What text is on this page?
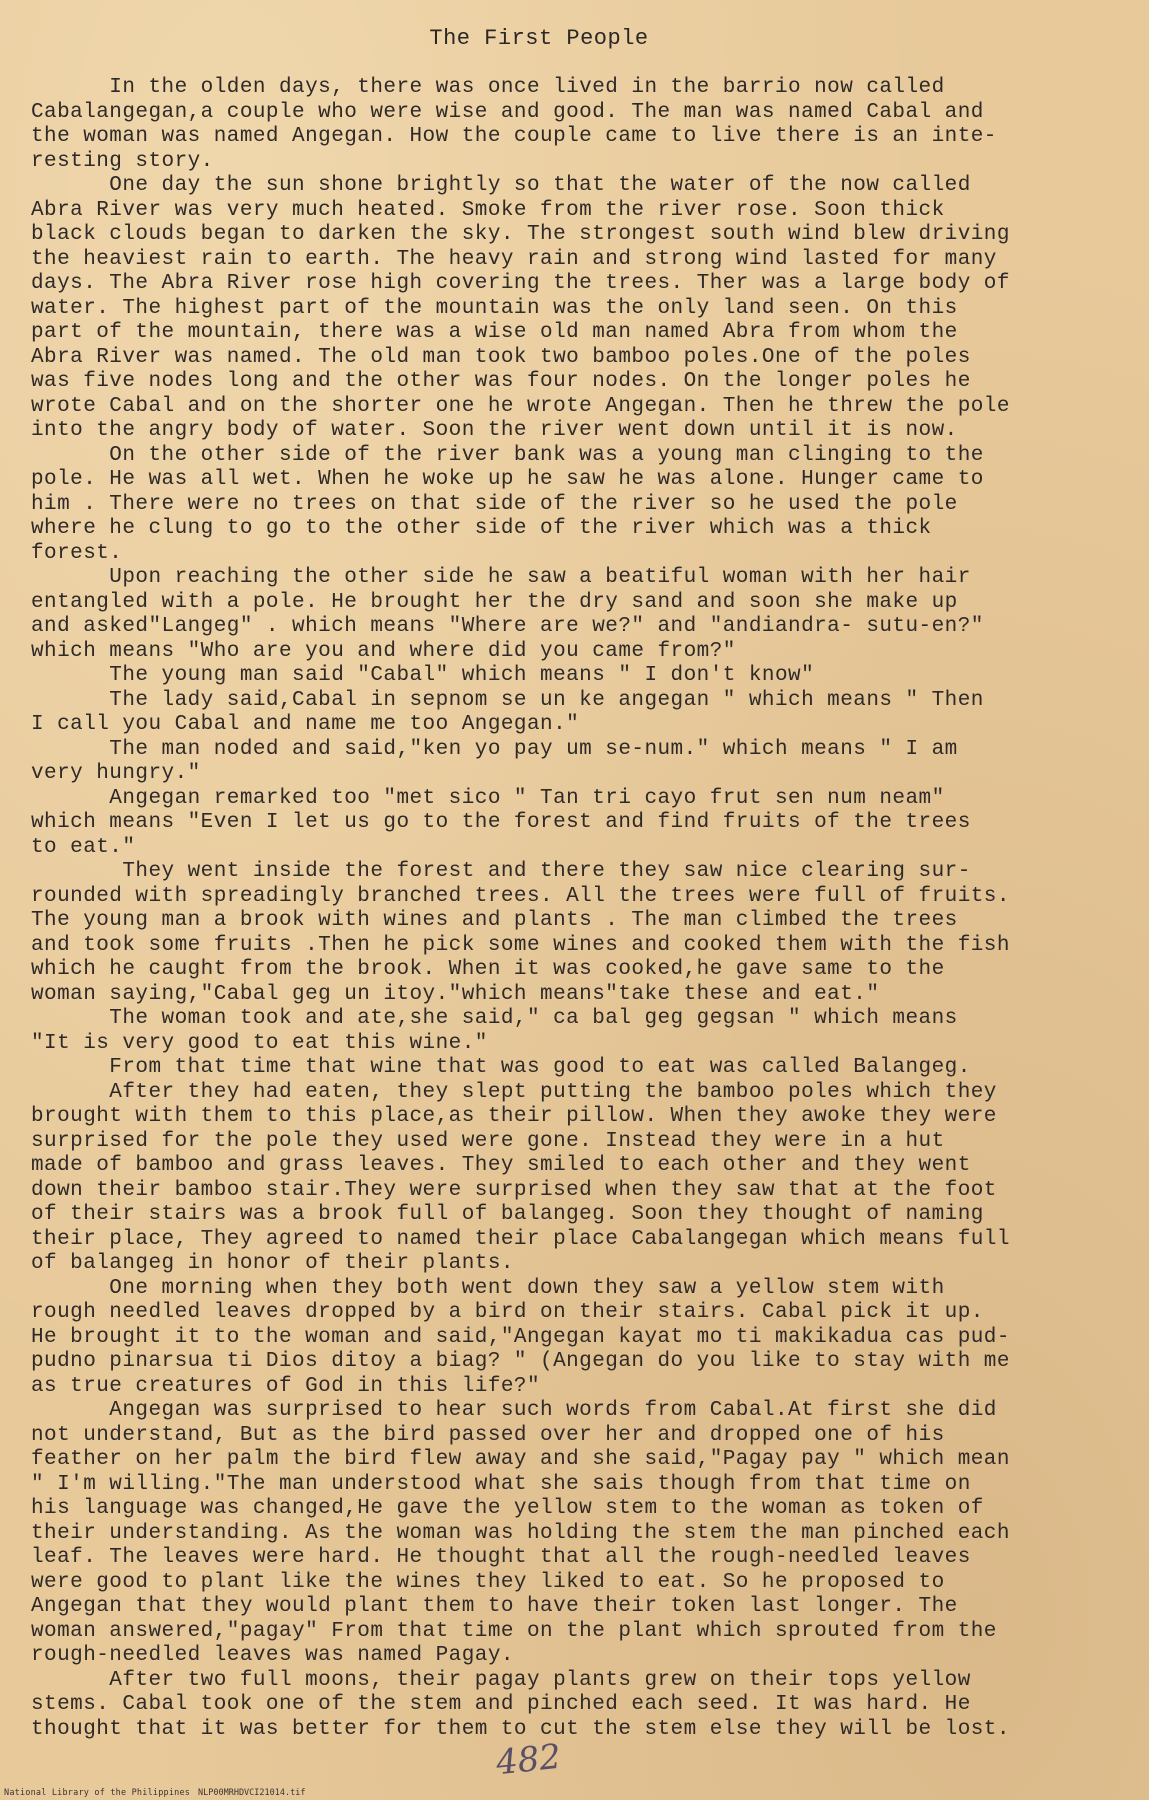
The First People
In the olden days, there was once lived in the barrio now called
Cabalangegan,a couple who were wise and good. The man was named Cabal and
the woman was named Angegan. How the couple came to live there is an inte-
resting story.
One day the sun shone brightly so that the water of the now called
Abra River was very much heated. Smoke from the river rose. Soon thick
black clouds began to darken the sky. The strongest south wind blew driving
the heaviest rain to earth. The heavy rain and strong wind lasted for many
days. The Abra River rose high covering the trees. Ther was a large body of
water. The highest part of the mountain was the only land seen. On this
part of the mountain, there was a wise old man named Abra from whom the
Abra River was named. The old man took two bamboo poles.One of the poles
was five nodes long and the other was four nodes. On the longer poles he
wrote Cabal and on the shorter one he wrote Angegan. Then he threw the pole
into the angry body of water. Soon the river went down until it is now.
On the other side of the river bank was a young man clinging to the
pole. He was all wet. When he woke up he saw he was alone. Hunger came to
him . There were no trees on that side of the river so he used the pole
where he clung to go to the other side of the river which was a thick
forest.
Upon reaching the other side he saw a beatiful woman with her hair
entangled with a pole. He brought her the dry sand and soon she make up
and asked"Langeg" . which means "Where are we?" and "andiandra- sutu-en?"
which means "Who are you and where did you came from?"
The young man said "Cabal" which means " I don't know"
The lady said,Cabal in sepnom se un ke angegan " which means " Then
I call you Cabal and name me too Angegan."
The man noded and said,"ken yo pay um se-num." which means " I am
very hungry."
Angegan remarked too "met sico " Tan tri cayo frut sen num neam"
which means "Even I let us go to the forest and find fruits of the trees
to eat."
They went inside the forest and there they saw nice clearing sur-
rounded with spreadingly branched trees. All the trees were full of fruits.
The young man a brook with wines and plants . The man climbed the trees
and took some fruits .Then he pick some wines and cooked them with the fish
which he caught from the brook. When it was cooked,he gave same to the
woman saying,"Cabal geg un itoy."which means"take these and eat."
The woman took and ate,she said," ca bal geg gegsan " which means
"It is very good to eat this wine."
From that time that wine that was good to eat was called Balangeg.
After they had eaten, they slept putting the bamboo poles which they
brought with them to this place,as their pillow. When they awoke they were
surprised for the pole they used were gone. Instead they were in a hut
made of bamboo and grass leaves. They smiled to each other and they went
down their bamboo stair.They were surprised when they saw that at the foot
of their stairs was a brook full of balangeg. Soon they thought of naming
their place, They agreed to named their place Cabalangegan which means full
of balangeg in honor of their plants.
One morning when they both went down they saw a yellow stem with
rough needled leaves dropped by a bird on their stairs. Cabal pick it up.
He brought it to the woman and said,"Angegan kayat mo ti makikadua cas pud-
pudno pinarsua ti Dios ditoy a biag? " (Angegan do you like to stay with me
as true creatures of God in this life?"
Angegan was surprised to hear such words from Cabal.At first she did
not understand, But as the bird passed over her and dropped one of his
feather on her palm the bird flew away and she said,"Pagay pay " which mean
" I'm willing."The man understood what she sais though from that time on
his language was changed,He gave the yellow stem to the woman as token of
their understanding. As the woman was holding the stem the man pinched each
leaf. The leaves were hard. He thought that all the rough-needled leaves
were good to plant like the wines they liked to eat. So he proposed to
Angegan that they would plant them to have their token last longer. The
woman answered,"pagay" From that time on the plant which sprouted from the
rough-needled leaves was named Pagay.
After two full moons, their pagay plants grew on their tops yellow
stems. Cabal took one of the stem and pinched each seed. It was hard. He
thought that it was better for them to cut the stem else they will be lost.
482
National Library of the Philippines NLP00MRHDVCI21014.tif
